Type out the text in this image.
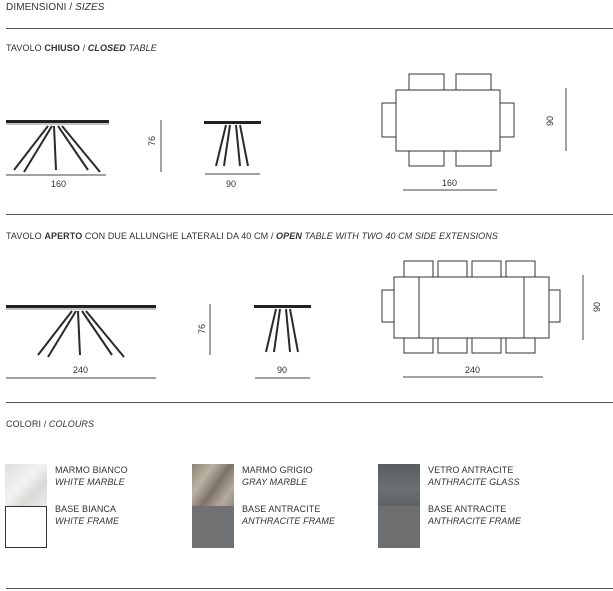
DIMENSIONI / SIZES
TAVOLO CHIUSO / CLOSED TABLE
160
76
90	160
90
TAVOLO APERTO CON DUE ALLUNGHE LATERALI DA 40 CM / OPEN TABLE WITH TWO 40 CM SIDE EXTENSIONS
240
76
90	240
90
COLORI / COLOURS
MARMO BIANCO
WHITE MARBLE
BASE BIANCA
WHITE FRAME
MARMO GRIGIO
GRAY MARBLE
BASE ANTRACITE
ANTHRACITE FRAME
VETRO ANTRACITE
ANTHRACITE GLASS
BASE ANTRACITE
ANTHRACITE FRAME
